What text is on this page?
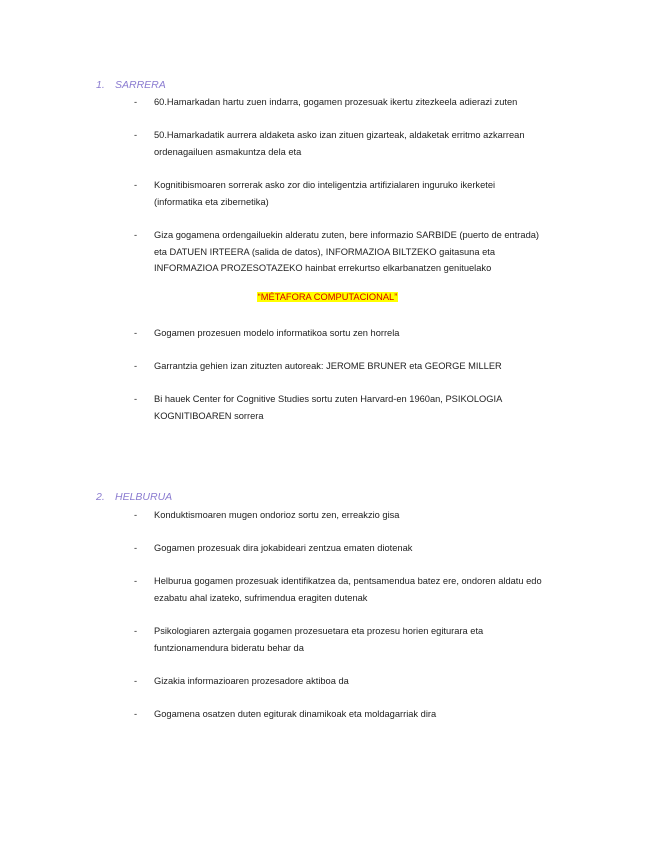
1. SARRERA
- 60.Hamarkadan hartu zuen indarra, gogamen prozesuak ikertu zitezkeela adierazi zuten
- 50.Hamarkadatik aurrera aldaketa asko izan zituen gizarteak, aldaketak erritmo azkarrean ordenagailuen asmakuntza dela eta
- Kognitibismoaren sorrerak asko zor dio inteligentzia artifizialaren inguruko ikerketei (informatika eta zibernetika)
- Giza gogamena ordengailuekin alderatu zuten, bere informazio SARBIDE (puerto de entrada) eta DATUEN IRTEERA (salida de datos), INFORMAZIOA BILTZEKO gaitasuna eta INFORMAZIOA PROZESOTAZEKO hainbat errekurtso elkarbanatzen genituelako
“MÉTAFORA COMPUTACIONAL”
- Gogamen prozesuen modelo informatikoa sortu zen horrela
- Garrantzia gehien izan zituzten autoreak: JEROME BRUNER eta GEORGE MILLER
- Bi hauek Center for Cognitive Studies sortu zuten Harvard-en 1960an, PSIKOLOGIA KOGNITIBOAREN sorrera
2. HELBURUA
- Konduktismoaren mugen ondorioz sortu zen, erreakzio gisa
- Gogamen prozesuak dira jokabideari zentzua ematen diotenak
- Helburua gogamen prozesuak identifikatzea da, pentsamendua batez ere, ondoren aldatu edo ezabatu ahal izateko, sufrimendua eragiten dutenak
- Psikologiaren aztergaia gogamen prozesuetara eta prozesu horien egiturara eta funtzionamendura bideratu behar da
- Gizakia informazioaren prozesadore aktiboa da
- Gogamena osatzen duten egiturak dinamikoak eta moldagarriak dira
